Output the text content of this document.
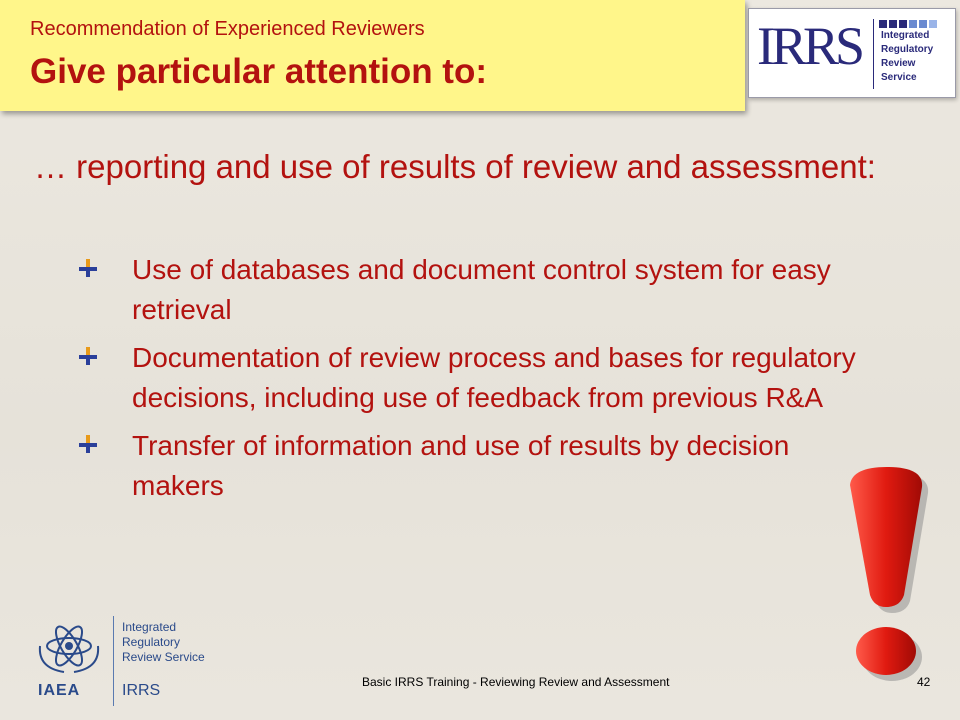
Recommendation of Experienced Reviewers
Give particular attention to:	IRRS Integrated
Regulatory
Review
Service
… reporting and use of results of review and assessment:
Use of databases and document control system for easy retrieval
Documentation of review process and bases for regulatory decisions, including use of feedback from previous R&A
Transfer of information and use of results by decision makers
IAEA
Integrated
Regulatory
Review Service
IRRS	Basic IRRS Training - Reviewing Review and Assessment	42
